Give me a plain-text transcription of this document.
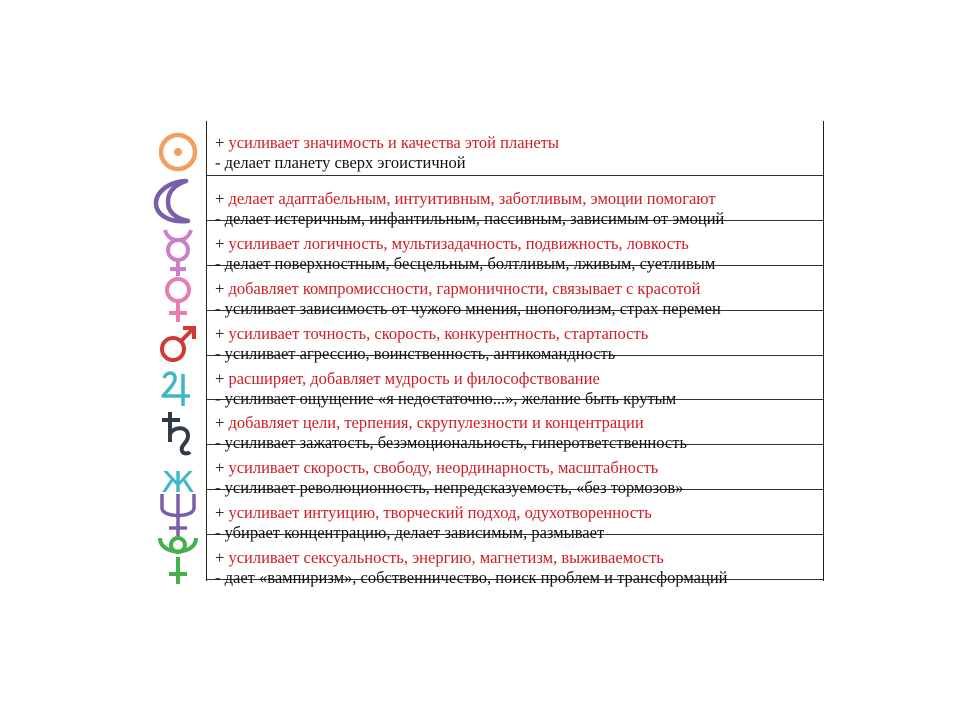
ж
+ усиливает значимость и качества этой планеты
- делает планету сверх эгоистичной
+ делает адаптабельным, интуитивным, заботливым, эмоции помогают
- делает истеричным, инфантильным, пассивным, зависимым от эмоций
+ усиливает логичность, мультизадачность, подвижность, ловкость
- делает поверхностным, бесцельным, болтливым, лживым, суетливым
+ добавляет компромиссности, гармоничности, связывает с красотой
- усиливает зависимость от чужого мнения, шопоголизм, страх перемен
+ усиливает точность, скорость, конкурентность, стартапость
- усиливает агрессию, воинственность, антикомандность
+ расширяет, добавляет мудрость и философствование
- усиливает ощущение «я недостаточно...», желание быть крутым
+ добавляет цели, терпения, скрупулезности и концентрации
- усиливает зажатость, безэмоциональность, гиперответственность
+ усиливает скорость, свободу, неординарность, масштабность
- усиливает революционность, непредсказуемость, «без тормозов»
+ усиливает интуицию, творческий подход, одухотворенность
- убирает концентрацию, делает зависимым, размывает
+ усиливает сексуальность, энергию, магнетизм, выживаемость
- дает «вампиризм», собственничество, поиск проблем и трансформаций
